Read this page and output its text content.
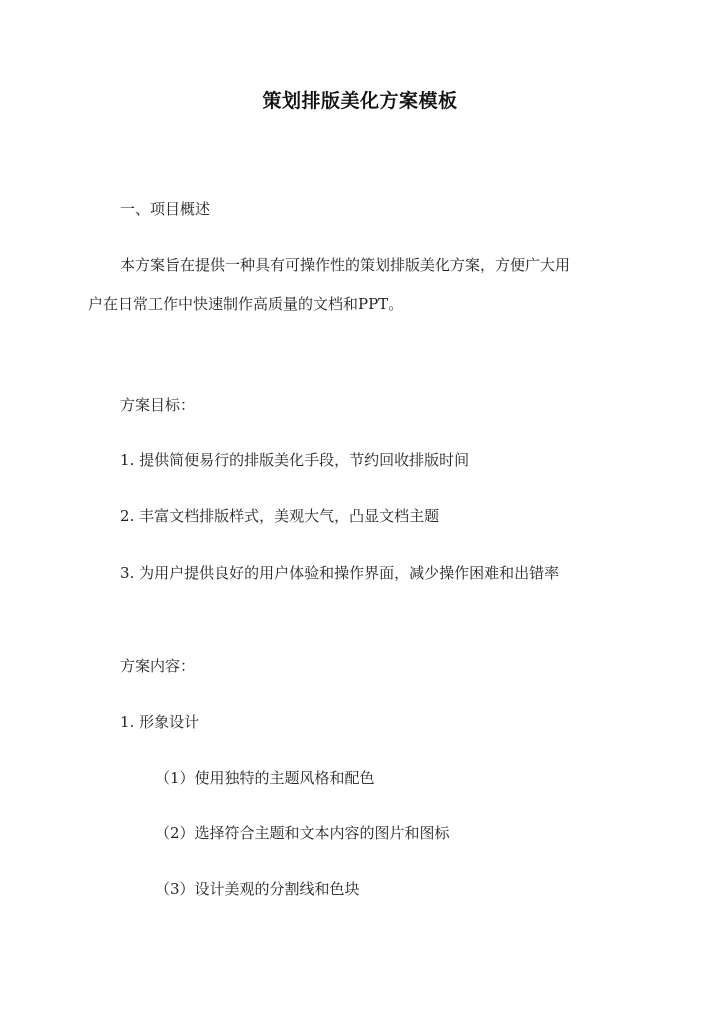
策划排版美化方案模板

一、项目概述

本方案旨在提供一种具有可操作性的策划排版美化方案，方便广大用

户在日常工作中快速制作高质量的文档和PPT。

方案目标：

1. 提供简便易行的排版美化手段，节约回收排版时间

2. 丰富文档排版样式，美观大气，凸显文档主题

3. 为用户提供良好的用户体验和操作界面，减少操作困难和出错率

方案内容：

1. 形象设计

（1）使用独特的主题风格和配色

（2）选择符合主题和文本内容的图片和图标

（3）设计美观的分割线和色块
